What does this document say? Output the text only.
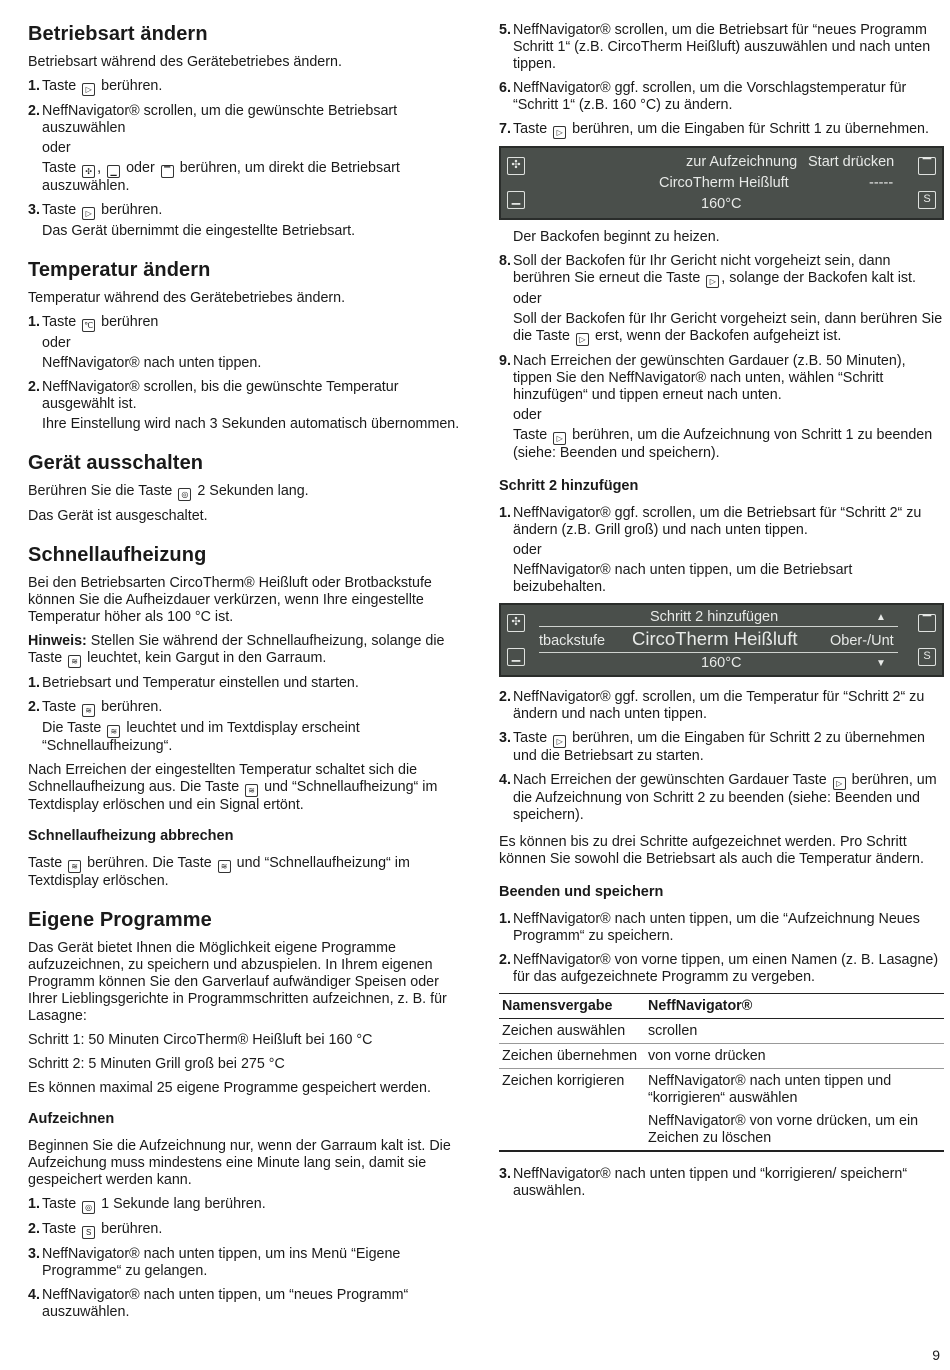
Betriebsart ändern

Betriebsart während des Gerätebetriebes ändern.

1. Taste ▷ berühren.

2. NeffNavigator® scrollen, um die gewünschte Betriebsart auszuwählen

oder

Taste ✣ , ▁ oder ▔ berühren, um direkt die Betriebsart auszuwählen.

3. Taste ▷ berühren.

Das Gerät übernimmt die eingestellte Betriebsart.

Temperatur ändern

Temperatur während des Gerätebetriebes ändern.

1. Taste ℃ berühren

oder

NeffNavigator® nach unten tippen.

2. NeffNavigator® scrollen, bis die gewünschte Temperatur ausgewählt ist.

Ihre Einstellung wird nach 3 Sekunden automatisch übernommen.

Gerät ausschalten

Berühren Sie die Taste ◎ 2 Sekunden lang.

Das Gerät ist ausgeschaltet.

Schnellaufheizung

Bei den Betriebsarten CircoTherm® Heißluft oder Brotbackstufe können Sie die Aufheizdauer verkürzen, wenn Ihre eingestellte Temperatur höher als 100 °C ist.

Hinweis: Stellen Sie während der Schnellaufheizung, solange die Taste ≋ leuchtet, kein Gargut in den Garraum.

1. Betriebsart und Temperatur einstellen und starten.

2. Taste ≋ berühren.

Die Taste ≋ leuchtet und im Textdisplay erscheint “Schnellaufheizung“.

Nach Erreichen der eingestellten Temperatur schaltet sich die Schnellaufheizung aus. Die Taste ≋ und “Schnellaufheizung“ im Textdisplay erlöschen und ein Signal ertönt.

Schnellaufheizung abbrechen

Taste ≋ berühren. Die Taste ≋ und “Schnellaufheizung“ im Textdisplay erlöschen.

Eigene Programme

Das Gerät bietet Ihnen die Möglichkeit eigene Programme aufzuzeichnen, zu speichern und abzuspielen. In Ihrem eigenen Programm können Sie den Garverlauf aufwändiger Speisen oder Ihrer Lieblingsgerichte in Programmschritten aufzeichnen, z. B. für Lasagne:

Schritt 1: 50 Minuten CircoTherm® Heißluft bei 160 °C

Schritt 2: 5 Minuten Grill groß bei 275 °C

Es können maximal 25 eigene Programme gespeichert werden.

Aufzeichnen

Beginnen Sie die Aufzeichnung nur, wenn der Garraum kalt ist. Die Aufzeichung muss mindestens eine Minute lang sein, damit sie gespeichert werden kann.

1. Taste ◎ 1 Sekunde lang berühren.

2. Taste S berühren.

3. NeffNavigator® nach unten tippen, um ins Menü “Eigene Programme“ zu gelangen.

4. NeffNavigator® nach unten tippen, um “neues Programm“ auszuwählen.

5. NeffNavigator® scrollen, um die Betriebsart für “neues Programm Schritt 1“ (z.B. CircoTherm Heißluft) auszuwählen und nach unten tippen.

6. NeffNavigator® ggf. scrollen, um die Vorschlagstemperatur für “Schritt 1“ (z.B. 160 °C) zu ändern.

7. Taste ▷ berühren, um die Eingaben für Schritt 1 zu übernehmen.

✣
▁
▔
S
zur Aufzeichnung Start drücken
CircoTherm Heißluft	-----
160°C

Der Backofen beginnt zu heizen.

8. Soll der Backofen für Ihr Gericht nicht vorgeheizt sein, dann berühren Sie erneut die Taste ▷ , solange der Backofen kalt ist.

oder

Soll der Backofen für Ihr Gericht vorgeheizt sein, dann berühren Sie die Taste ▷ erst, wenn der Backofen aufgeheizt ist.

9. Nach Erreichen der gewünschten Gardauer (z.B. 50 Minuten), tippen Sie den NeffNavigator® nach unten, wählen “Schritt hinzufügen“ und tippen erneut nach unten.

oder

Taste ▷ berühren, um die Aufzeichnung von Schritt 1 zu beenden (siehe: Beenden und speichern).

Schritt 2 hinzufügen
1. NeffNavigator® ggf. scrollen, um die Betriebsart für “Schritt 2“ zu ändern (z.B. Grill groß) und nach unten tippen.

oder

NeffNavigator® nach unten tippen, um die Betriebsart beizubehalten.

✣
▁
▔
S
Schritt 2 hinzufügen	▲
tbackstufe CircoTherm Heißluft Ober-/Unt
160°C	▼
2. NeffNavigator® ggf. scrollen, um die Temperatur für “Schritt 2“ zu ändern und nach unten tippen.

3. Taste ▷ berühren, um die Eingaben für Schritt 2 zu übernehmen und die Betriebsart zu starten.

4. Nach Erreichen der gewünschten Gardauer Taste ▷ berühren, um die Aufzeichnung von Schritt 2 zu beenden (siehe: Beenden und speichern).

Es können bis zu drei Schritte aufgezeichnet werden. Pro Schritt können Sie sowohl die Betriebsart als auch die Temperatur ändern.

Beenden und speichern
1. NeffNavigator® nach unten tippen, um die “Aufzeichnung Neues Programm“ zu speichern.

2. NeffNavigator® von vorne tippen, um einen Namen (z. B. Lasagne) für das aufgezeichnete Programm zu vergeben.

Namensvergabe	NeffNavigator®
Zeichen auswählen	scrollen
Zeichen übernehmen	von vorne drücken
Zeichen korrigieren	NeffNavigator® nach unten tippen und “korrigieren“ auswählen

NeffNavigator® von vorne drücken, um ein Zeichen zu löschen

3. NeffNavigator® nach unten tippen und “korrigieren/ speichern“ auswählen.

9
